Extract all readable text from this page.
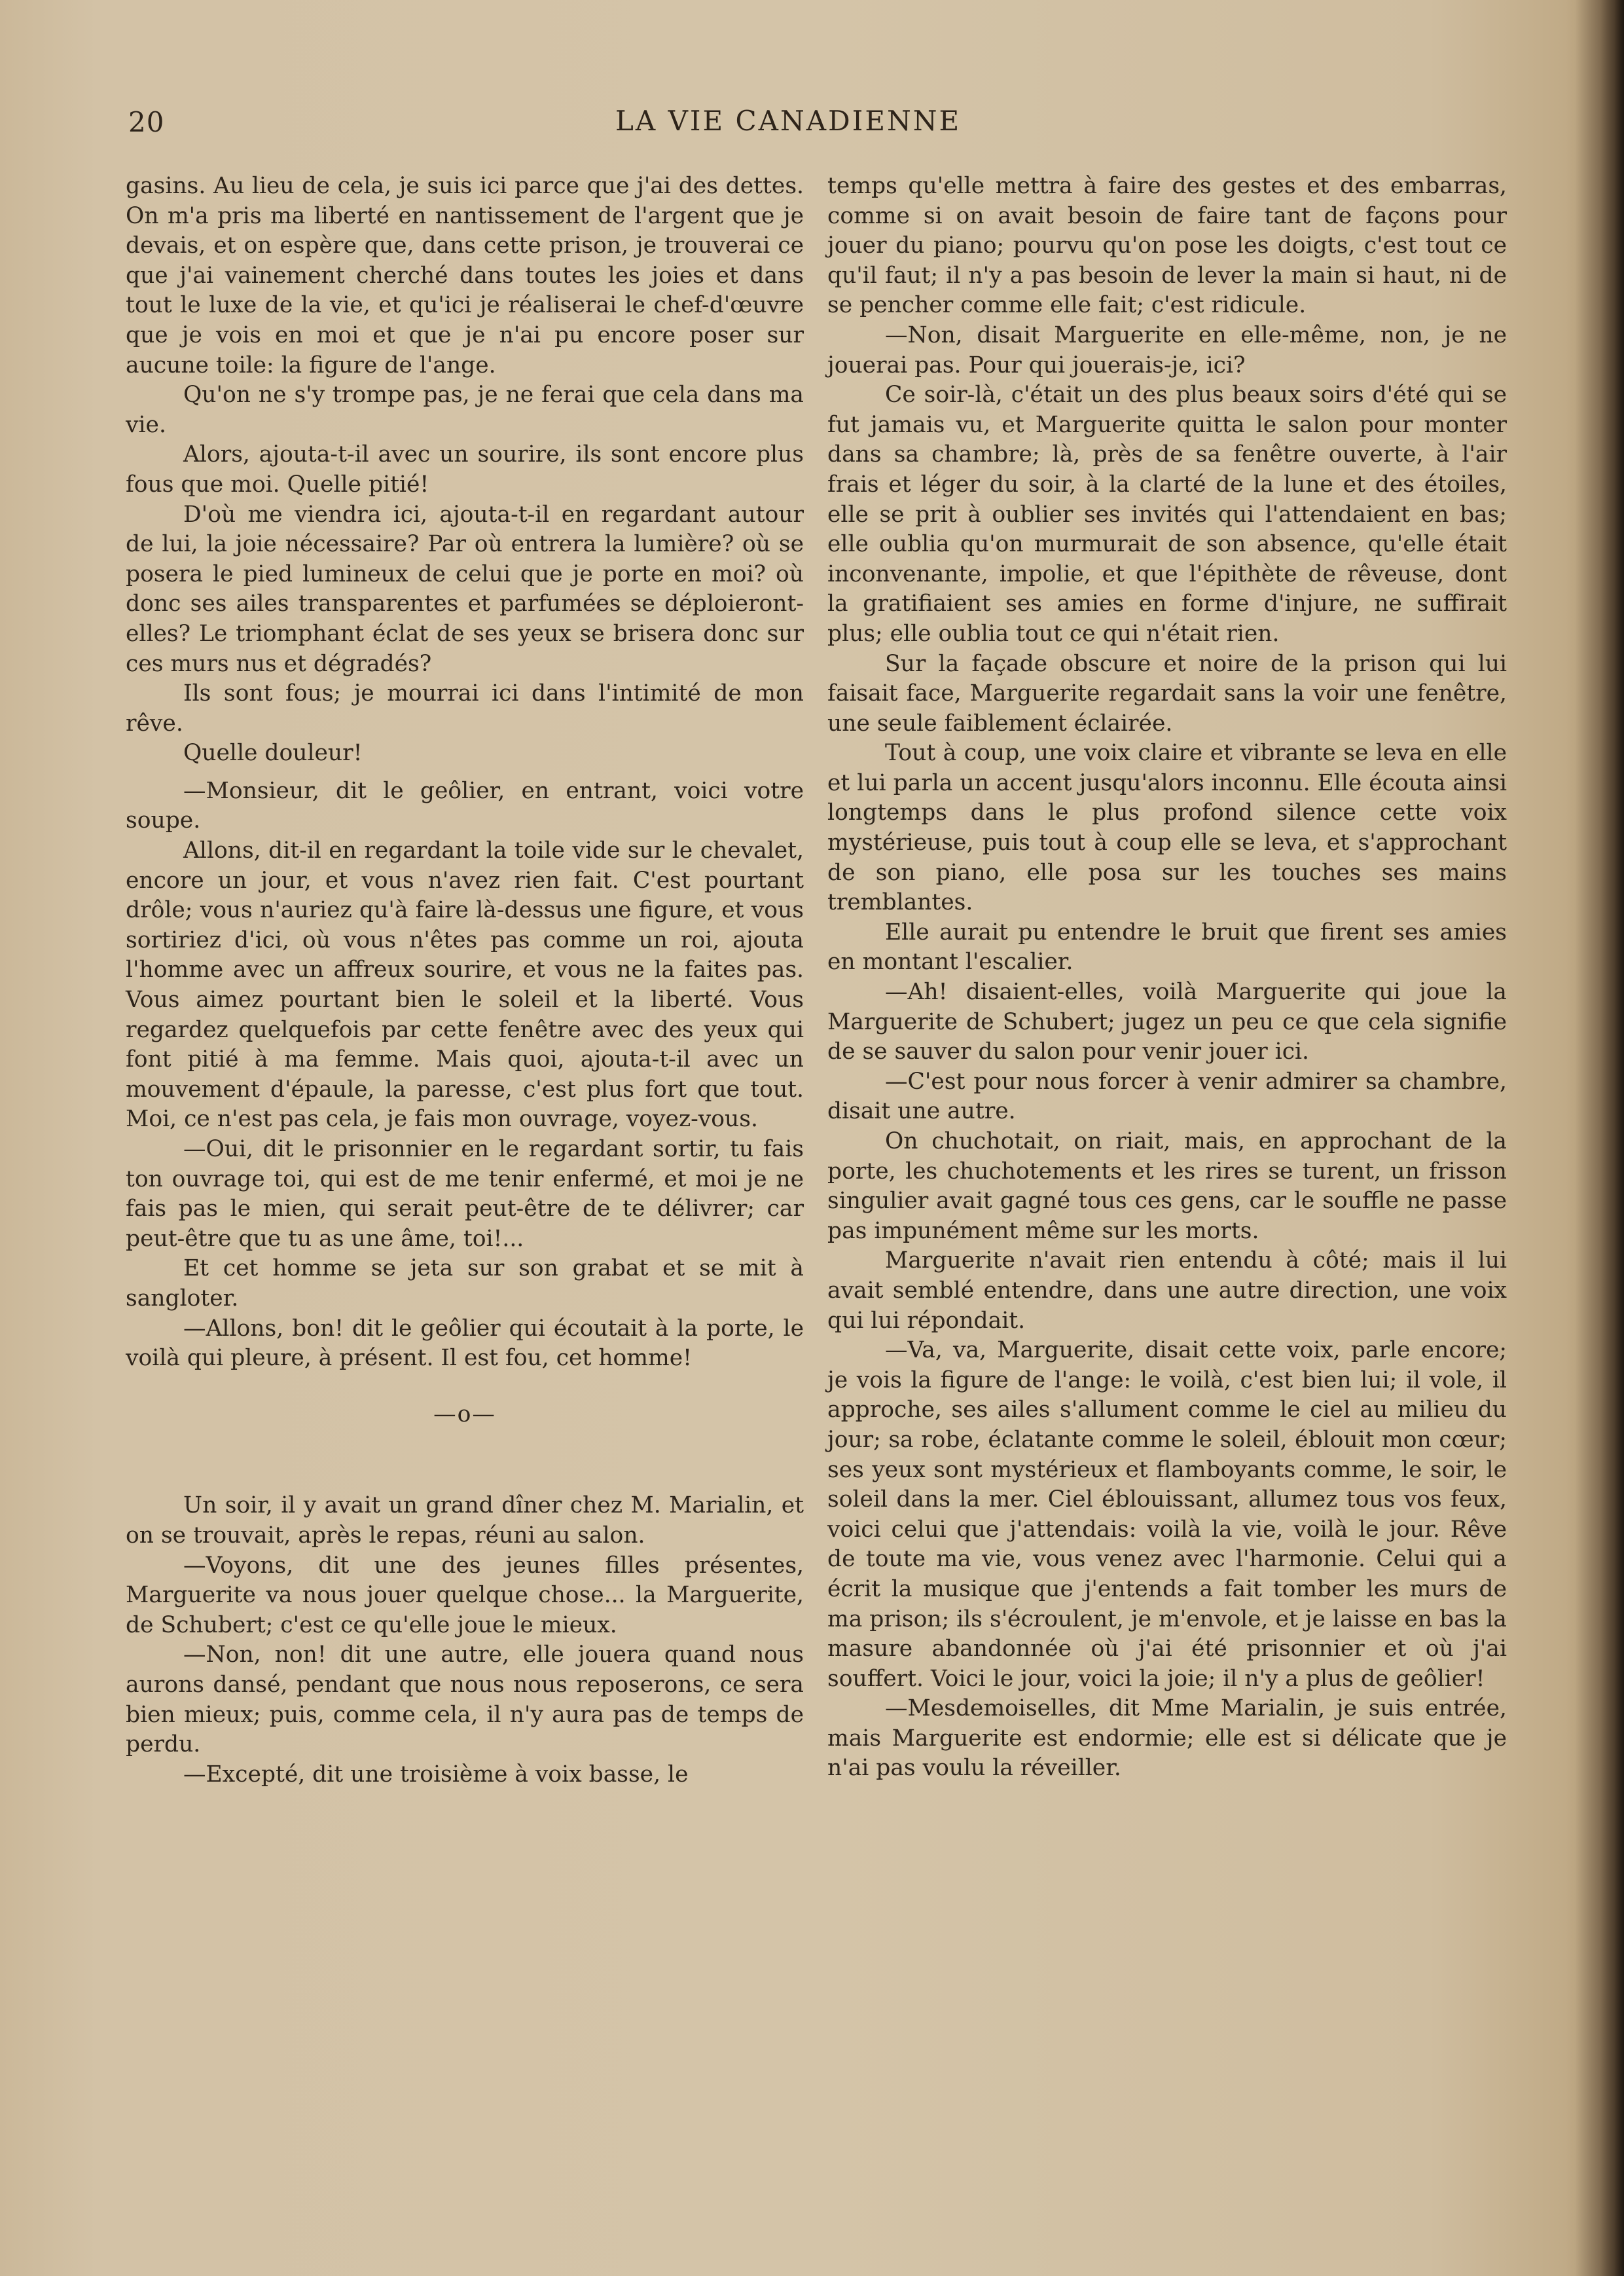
20	LA VIE CANADIENNE

gasins. Au lieu de cela, je suis ici parce que j'ai des dettes. On m'a pris ma liberté en nantissement de l'argent que je devais, et on espère que, dans cette prison, je trouverai ce que j'ai vainement cherché dans toutes les joies et dans tout le luxe de la vie, et qu'ici je réaliserai le chef-d'œuvre que je vois en moi et que je n'ai pu encore poser sur aucune toile: la figure de l'ange.

Qu'on ne s'y trompe pas, je ne ferai que cela dans ma vie.

Alors, ajouta-t-il avec un sourire, ils sont encore plus fous que moi. Quelle pitié!

D'où me viendra ici, ajouta-t-il en regardant autour de lui, la joie nécessaire? Par où entrera la lumière? où se posera le pied lumineux de celui que je porte en moi? où donc ses ailes transparentes et parfumées se déploieront-elles? Le triomphant éclat de ses yeux se brisera donc sur ces murs nus et dégradés?

Ils sont fous; je mourrai ici dans l'intimité de mon rêve.

Quelle douleur!

—Monsieur, dit le geôlier, en entrant, voici votre soupe.

Allons, dit-il en regardant la toile vide sur le chevalet, encore un jour, et vous n'avez rien fait. C'est pourtant drôle; vous n'auriez qu'à faire là-dessus une figure, et vous sortiriez d'ici, où vous n'êtes pas comme un roi, ajouta l'homme avec un affreux sourire, et vous ne la faites pas. Vous aimez pourtant bien le soleil et la liberté. Vous regardez quelquefois par cette fenêtre avec des yeux qui font pitié à ma femme. Mais quoi, ajouta-t-il avec un mouvement d'épaule, la paresse, c'est plus fort que tout. Moi, ce n'est pas cela, je fais mon ouvrage, voyez-vous.

—Oui, dit le prisonnier en le regardant sortir, tu fais ton ouvrage toi, qui est de me tenir enfermé, et moi je ne fais pas le mien, qui serait peut-être de te délivrer; car peut-être que tu as une âme, toi!...

Et cet homme se jeta sur son grabat et se mit à sangloter.

—Allons, bon! dit le geôlier qui écoutait à la porte, le voilà qui pleure, à présent. Il est fou, cet homme!

—o—

Un soir, il y avait un grand dîner chez M. Marialin, et on se trouvait, après le repas, réuni au salon.

—Voyons, dit une des jeunes filles présentes, Marguerite va nous jouer quelque chose... la Marguerite, de Schubert; c'est ce qu'elle joue le mieux.

—Non, non! dit une autre, elle jouera quand nous aurons dansé, pendant que nous nous reposerons, ce sera bien mieux; puis, comme cela, il n'y aura pas de temps de perdu.

—Excepté, dit une troisième à voix basse, le

temps qu'elle mettra à faire des gestes et des embarras, comme si on avait besoin de faire tant de façons pour jouer du piano; pourvu qu'on pose les doigts, c'est tout ce qu'il faut; il n'y a pas besoin de lever la main si haut, ni de se pencher comme elle fait; c'est ridicule.

—Non, disait Marguerite en elle-même, non, je ne jouerai pas. Pour qui jouerais-je, ici?

Ce soir-là, c'était un des plus beaux soirs d'été qui se fut jamais vu, et Marguerite quitta le salon pour monter dans sa chambre; là, près de sa fenêtre ouverte, à l'air frais et léger du soir, à la clarté de la lune et des étoiles, elle se prit à oublier ses invités qui l'attendaient en bas; elle oublia qu'on murmurait de son absence, qu'elle était inconvenante, impolie, et que l'épithète de rêveuse, dont la gratifiaient ses amies en forme d'injure, ne suffirait plus; elle oublia tout ce qui n'était rien.

Sur la façade obscure et noire de la prison qui lui faisait face, Marguerite regardait sans la voir une fenêtre, une seule faiblement éclairée.

Tout à coup, une voix claire et vibrante se leva en elle et lui parla un accent jusqu'alors inconnu. Elle écouta ainsi longtemps dans le plus profond silence cette voix mystérieuse, puis tout à coup elle se leva, et s'approchant de son piano, elle posa sur les touches ses mains tremblantes.

Elle aurait pu entendre le bruit que firent ses amies en montant l'escalier.

—Ah! disaient-elles, voilà Marguerite qui joue la Marguerite de Schubert; jugez un peu ce que cela signifie de se sauver du salon pour venir jouer ici.

—C'est pour nous forcer à venir admirer sa chambre, disait une autre.

On chuchotait, on riait, mais, en approchant de la porte, les chuchotements et les rires se turent, un frisson singulier avait gagné tous ces gens, car le souffle ne passe pas impunément même sur les morts.

Marguerite n'avait rien entendu à côté; mais il lui avait semblé entendre, dans une autre direction, une voix qui lui répondait.

—Va, va, Marguerite, disait cette voix, parle encore; je vois la figure de l'ange: le voilà, c'est bien lui; il vole, il approche, ses ailes s'allument comme le ciel au milieu du jour; sa robe, éclatante comme le soleil, éblouit mon cœur; ses yeux sont mystérieux et flamboyants comme, le soir, le soleil dans la mer. Ciel éblouissant, allumez tous vos feux, voici celui que j'attendais: voilà la vie, voilà le jour. Rêve de toute ma vie, vous venez avec l'harmonie. Celui qui a écrit la musique que j'entends a fait tomber les murs de ma prison; ils s'écroulent, je m'envole, et je laisse en bas la masure abandonnée où j'ai été prisonnier et où j'ai souffert. Voici le jour, voici la joie; il n'y a plus de geôlier!

—Mesdemoiselles, dit Mme Marialin, je suis entrée, mais Marguerite est endormie; elle est si délicate que je n'ai pas voulu la réveiller.
